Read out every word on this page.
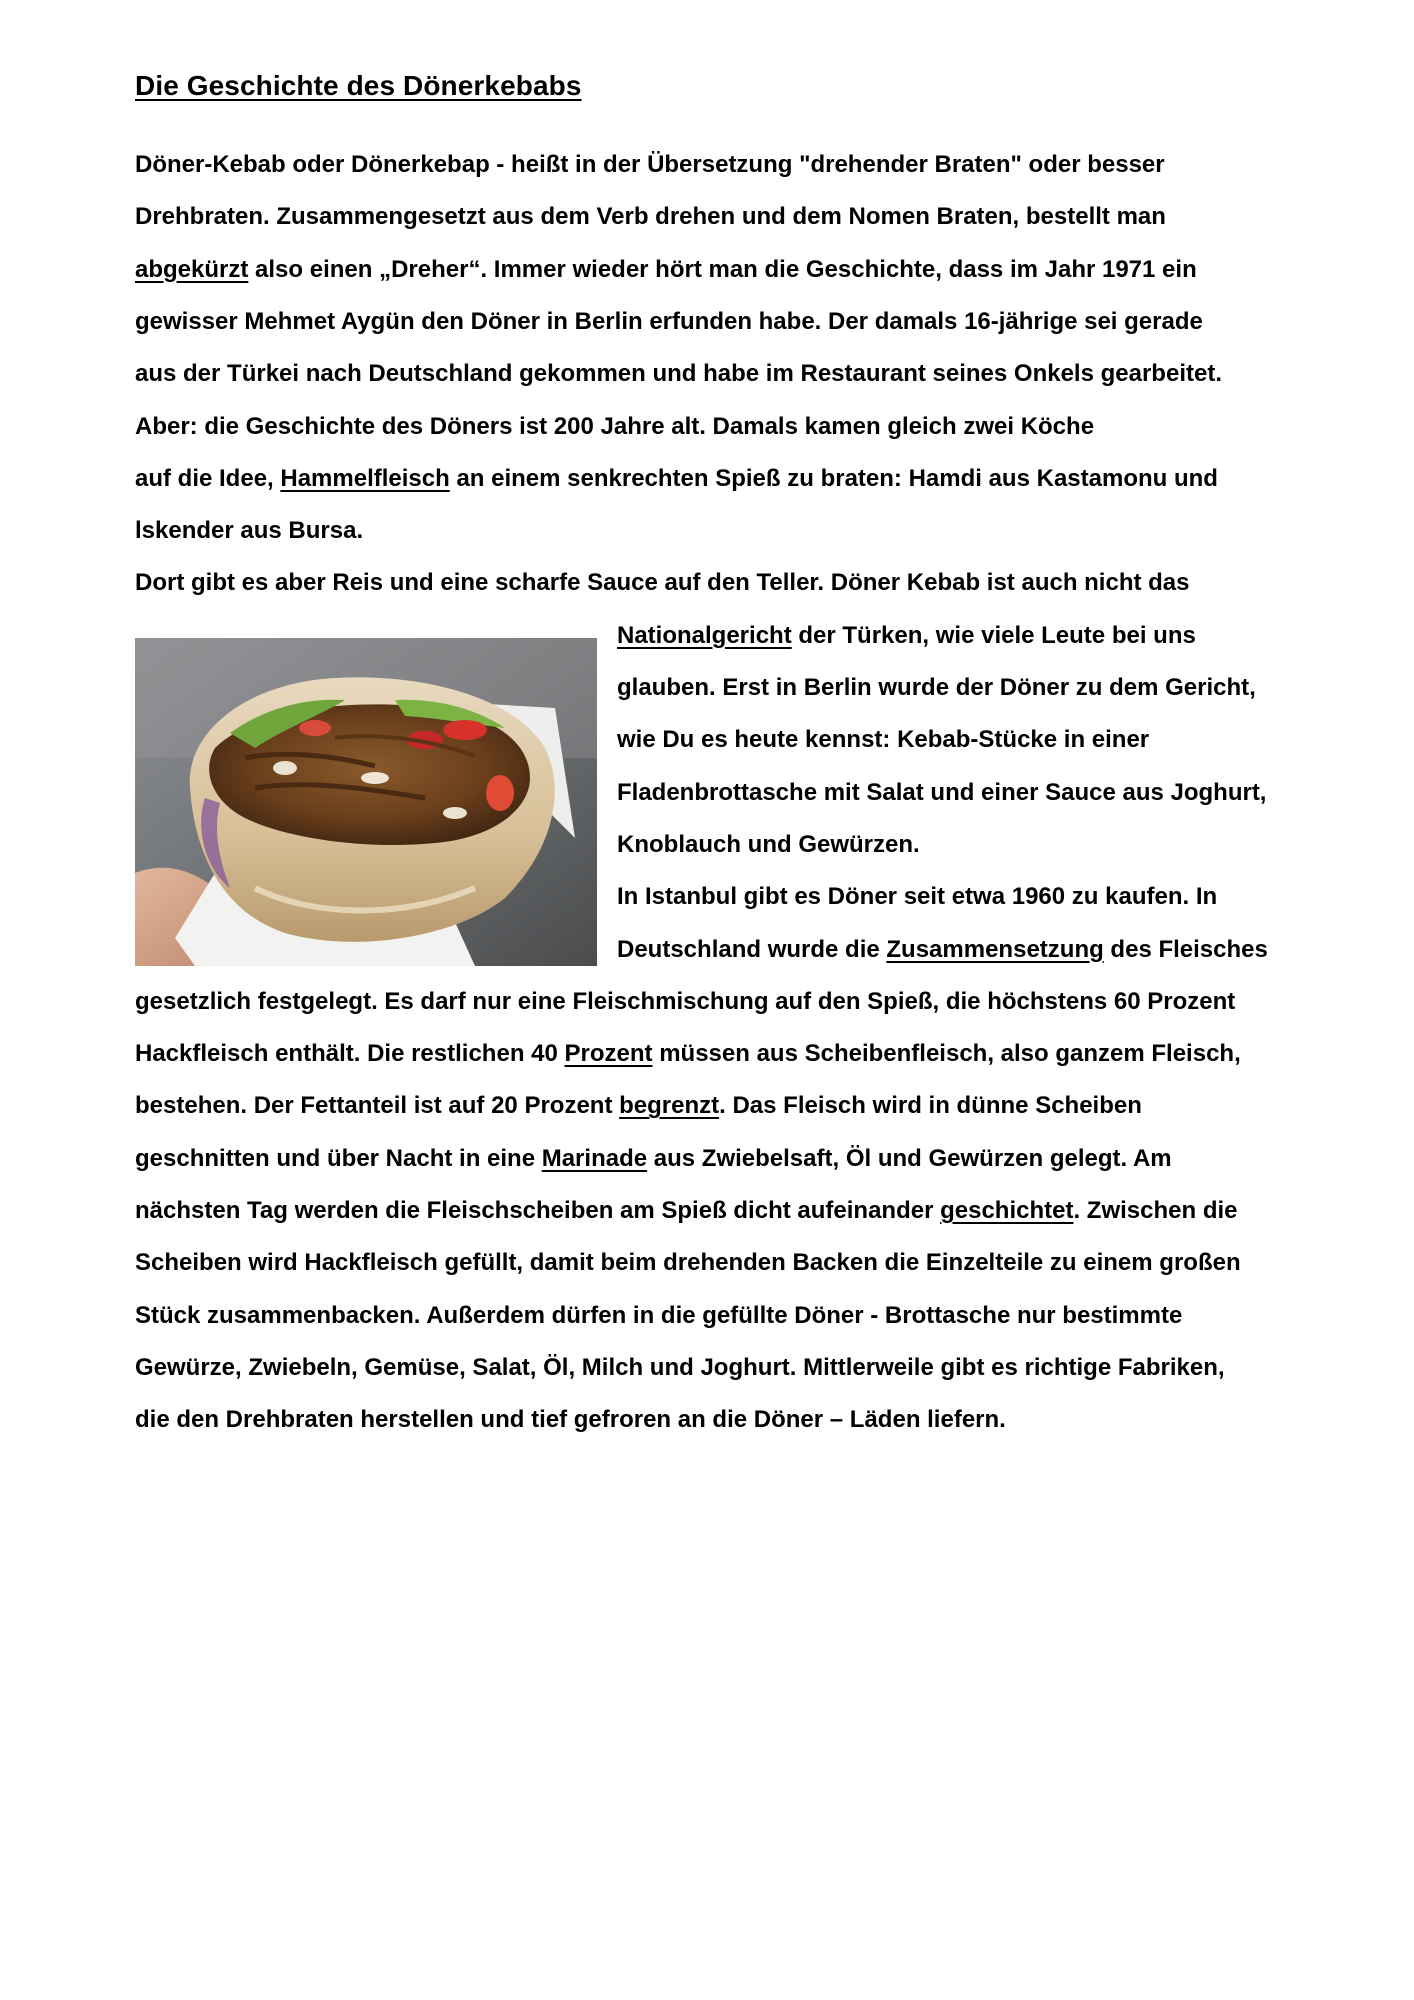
Die Geschichte des Dönerkebabs
Döner-Kebab oder Dönerkebap - heißt in der Übersetzung "drehender Braten" oder besser
Drehbraten. Zusammengesetzt aus dem Verb drehen und dem Nomen Braten, bestellt man
abgekürzt also einen „Dreher“. Immer wieder hört man die Geschichte, dass im Jahr 1971 ein
gewisser Mehmet Aygün den Döner in Berlin erfunden habe. Der damals 16-jährige sei gerade
aus der Türkei nach Deutschland gekommen und habe im Restaurant seines Onkels gearbeitet.
Aber: die Geschichte des Döners ist 200 Jahre alt. Damals kamen gleich zwei Köche
auf die Idee, Hammelfleisch an einem senkrechten Spieß zu braten: Hamdi aus Kastamonu und
lskender aus Bursa.
Dort gibt es aber Reis und eine scharfe Sauce auf den Teller. Döner Kebab ist auch nicht das
Nationalgericht der Türken, wie viele Leute bei uns
glauben. Erst in Berlin wurde der Döner zu dem Gericht,
wie Du es heute kennst: Kebab-Stücke in einer
Fladenbrottasche mit Salat und einer Sauce aus Joghurt,
Knoblauch und Gewürzen.
In Istanbul gibt es Döner seit etwa 1960 zu kaufen. In
Deutschland wurde die Zusammensetzung des Fleisches
gesetzlich festgelegt. Es darf nur eine Fleischmischung auf den Spieß, die höchstens 60 Prozent
Hackfleisch enthält. Die restlichen 40 Prozent müssen aus Scheibenfleisch, also ganzem Fleisch,
bestehen. Der Fettanteil ist auf 20 Prozent begrenzt. Das Fleisch wird in dünne Scheiben
geschnitten und über Nacht in eine Marinade aus Zwiebelsaft, Öl und Gewürzen gelegt. Am
nächsten Tag werden die Fleischscheiben am Spieß dicht aufeinander geschichtet. Zwischen die
Scheiben wird Hackfleisch gefüllt, damit beim drehenden Backen die Einzelteile zu einem großen
Stück zusammenbacken. Außerdem dürfen in die gefüllte Döner - Brottasche nur bestimmte
Gewürze, Zwiebeln, Gemüse, Salat, Öl, Milch und Joghurt. Mittlerweile gibt es richtige Fabriken,
die den Drehbraten herstellen und tief gefroren an die Döner – Läden liefern.
